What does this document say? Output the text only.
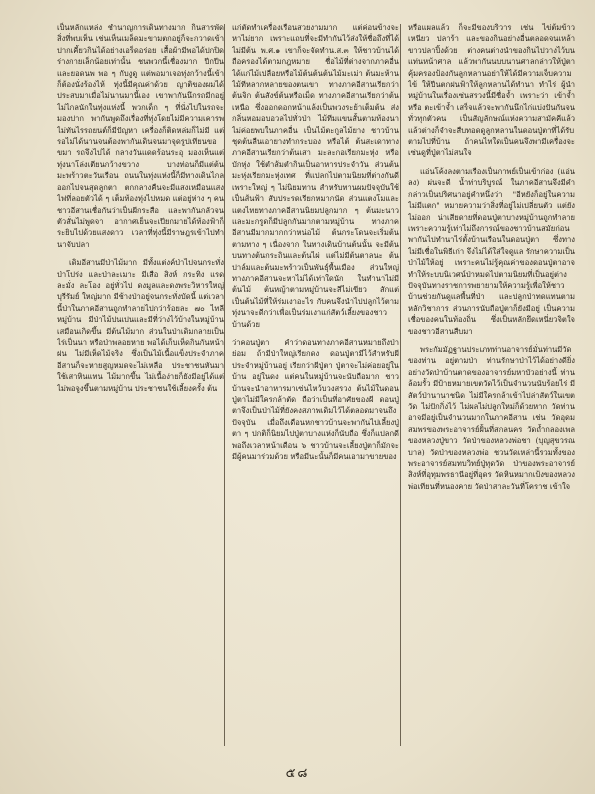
เป็นหลักแหล่ง ชำนาญการเดินทางมาก กินสารพัดสิ่งที่พบเห็น เช่นเห็นเมล็ดมะขามตกอยู่ก็จะกวาดเข้าปากเคี้ยวกินได้อย่างเอร็ดอร่อย เสื้อผ้ามีพอได้ปกปิดร่างกายเล็กน้อยเท่านั้น ชนพวกนี้เชื่องมาก ปีกปีน และยอดนพ พอ ๆ กับงูดู แต่พอมาเจอทุ่งกว้างนี้เข้า ก็ต้องนั่งร้องไห้ ทุ่งนี้มีคุณค่าด้วย ญาติของผมได้ประสบมาเมื่อไม่นานมานี้เอง เขาพากันนึกรถมีกอยู่ไม่ไกลนักในทุ่งแห่งนี้ พวกเด็ก ๆ ที่นั่งไปในรถจะมองปาก พากันพูดถึงเรื่องที่ทุ่งโดยไม่มีความเคารพ ไม่ทันไรรถยนต์ก็มีปัญหา เครื่องก็ติดหล่มก็ไม่มี แต่รอไม่ได้นานจนต้องพากันเดินจนมาจุดรูปเทียนขอขมา รถจึงไปได้ กลางวันแดดร้อนระอุ มองเห็นแต่ทุ่งนาโล่งเตียนกว้างขวาง บางท่อนก็มีแต่ต้นมะพร้าวตะวันเรือน ถนนในทุ่งแห่งนี้ก็มีทางเดินไกลออกไปจนสุดลูกตา ตกกลางคืนจะมีแสงเหมือนแสงไฟที่ลอยตัวได้ ๆ เต็มท้องทุ่งไปหมด แต่อยู่ห่าง ๆ คน ชาวอีสานเชื่อกันว่าเป็นผีกระสือ และพากันกลัวจนตัวสั่นไม่พูดจา อากาศเย็นจะเปียกมายได้ท้องฟ้าก็ระยิบไปด้วยแสงดาว เวลาที่ทุ่งนี้มีราษฎรเข้าไปทำนาจับปลา

เดิมอีสานมีป่าไม้มาก มีทั้งแต่งค์ป่าไปจนกระทั่งป่าโปร่ง และป่าละเมาะ มีเสือ สิงห์ กระทิง แรด ละมั่ง ละโอง อยู่ทั่วไป ดงมูลและดงพระวิหารใหญ่ บุรีรัมย์ ใหญ่มาก มีช้างป่าอยู่จนกระทั่งบัดนี้ แต่เวลานี้ป่าในภาคอีสานถูกทำลายไปกว่าร้อยละ ๗๐ ไทลีหมู่บ้าน มีป่าไม้ปนเปนและมีที่ว่างไว้บ้างในหมู่บ้านเสมือนเกิดขึ้น มีต้นไม้มาก ส่วนในป่าเดิมกลายเป็นไร่เป็นนา หรือป่าพลอยหาย พอได้เก็บเห็ดกินกันหน้าฝน ไม่มีเห็ดไม้จริง ซึ่งเป็นไม้เนื้อแข็งประจำภาคอีสานก็จะหายสูญหมดจะไม่เหลือ ประชาชนหันมาใช้เสาหินแทน ไม้มากขึ้น ไม่เนื้อง่ายก็ยังมีอยู่ได้แต่ไม่พอจูงขึ้นตามหมู่บ้าน ประชาชนใช้เลี้ยงครั้ง ต้น

แก่ตัดทำเครื่องเรือนสวยงามมาก แต่ค่อนข้างจะหาไม่ยาก เพราะแถบที่จะมีทำกันไว้ส่งให้ชื่อถึงที่ได้ไม่มีต้น พ.ศ.๑ เขาก็จะจัดทำน.ส.๓ ให้ชาวบ้านได้ถือครองได้ตามกฎหมาย ชื่อไม้ที่ต่างจากภาคอื่นได้แก่ไม้เปลือยหรือไม้ต้นต้นต้นไม้มะเม่า ต้นมะห้าน ไม้ทีหลากหลายของตนเขา ทางภาคอีสานเรียกว่าต้นจิก ต้นสังข์ต้นหรือเม็ด ทางภาคอีสานเรียกว่าต้นเหนือ ซึ่งออกดอกหน้าแล้งเป็นพวงระย้าเต็มต้น ส่งกลิ่นหอมอบอวลไปทั่วป่า ไม้ทีมแขนสั้นตามท้องนา ไม่ค่อยพบในภาคอื่น เป็นไม้ตะกูลไม้ยาง ชาวบ้านชุดต้นลืนเอายางทำกระบอง หรือไต้ ต้นสะเดาทางภาคอีสานเรียกว่าต้นเสา มะละกอเรียกมะหุ่ง หรือบักหุ่ง ใช้ตำส้มตำกินเป็นอาหารประจำวัน ส่วนต้นมะหุ่งเรียกมะหุ่งเทศ ที่แปลกไปตามนิยมที่ต่างกันดี เพราะใหญ่ ๆ ไม่นิยมทาน สำหรับทานผมปัจจุบันใช้เป็นส้นฟ้า สับประรดเรียกหมากนัด ส่วนแตงโมและแตงไทยทางภาคอีสานนิยมปลูกมาก ๆ ต้นมะนาวและมะกรูดก็มีปลูกกันมากตามหมู่บ้าน ทางภาคอีสานมีมากมากกว่าหน่อไม้ ต้นกระโดนจะเริ่มต้นตามทาง ๆ เนื่องจาก ในทางเดินบ้านต้นนั้น จะมีต้นบนทางต้นกระถินและต้นไผ่ แต่ไม่มีต้นตาลนะ ต้นปาล์มและต้นมะพร้าวเป็นพันธุ์พื้นเมือง ส่วนใหญ่ทางภาคอีสานจะหาไม่ได้เท่าใดนัก ในทำนาไม่มีต้นไม้ ต้นหญ้าตามหมู่บ้านจะสีไม่เขียว สักแต่เป็นต้นไม้ที่ให้ร่มเงาอะไร กับคนจึงนำไปปลูกไว้ตามทุ่งนาจะดีกว่าเพื่อเป็นร่มเงาแก่สัตว์เลี้ยงของชาวบ้านด้วย

ว่าคอนปู่ตา คำว่าดอนทางภาคอีสานหมายถึงป่าย่อม ถ้ามีป่าใหญ่เรียกดง ดอนปู่ตามีไว้สำหรับผีประจำหมู่บ้านอยู่ เรียกว่าผีปู่ตา ปู่ตาจะไม่ค่อยอยู่ในบ้าน อยู่ในดง แต่คนในหมู่บ้านจะนับถือมาก ชาวบ้านจะนำอาหารมาเซ่นไหว้บวงสรวง ต้นไม้ในดอนปู่ตาไม่มีใครกล้าตัด ถือว่าเป็นที่อาศัยของผี ดอนปู่ตาจึงเป็นป่าไม้ที่ยังคงสภาพเดิมไว้ได้ตลอดมาจนถึงปัจจุบัน เมื่อถึงเดือนหกชาวบ้านจะพากันไปเลี้ยงปู่ตา ๆ ปกติก็นิยมไปปู่ตาบางแห่งก็นับถือ ซึ่งก็แปลกดี พอถึงเวลาหน้าเดือน ๖ ชาวบ้านจะเลี้ยงปู่ตาก็มักจะมีผู้คนมาร่วมด้วย หรือมีนะนั้นก็มีคนเอามาขายของ

หรือแผลแล้ว ก็จะมีของบริวาร เช่น ไข่ต้มข้าวเหนียว ปลาร้า และของกินอย่างอื่นตลอดจนเหล้าขาวปลาปิ้งด้วย ต่างคนต่างนำของกินไปวางไว้บนแท่นหน้าศาล แล้วพากันนบบนานศาลกล่าวให้ปู่ตาคุ้มครองป้องกันลูกหลานอย่าให้ได้มีความเจ็บความไข้ ให้ปีนตกฝนฟ้าให้ลูกหลานได้ทำนา ทำไร่ ผู้นำหมู่บ้านในเรื่องเซ่นสรวงนี้มีชื่อจ้ำ เพราะว่า เข้าจ้ำหรือ ตะเข้าจ้ำ เสร็จแล้วจะพากันนึกไก่แบ่งปันกันจนทั่วทุกตัวคน เป็นสัญลักษณ์แห่งความสามัคคีแล้ว แล้วต่างก็จำจะสืบทอดดูลูกหลานในดอนปู่ตาที่ได้รับตามไปที่บ้าน ถ้าคนไทใดเป็นคนจึงพามีเครื่องจะเซ่นดูที่ปู่ตาไม่สนใจ

แอ่นโค้งลงตามเรืองเป็นกาพย์เป็นเข้าก่อง (แอ่นลง) ผ่นจะดี น้ำท่าบริบูรณ์ ในภาคอีสานจึงมีคำกล่าวเป็นปริศนาอยู่คำหนึ่งว่า "อีหยังก็อยู่ในความไม่มีแตก" หมายความว่าสิ่งที่อยู่ไม่เปลี่ยนตัว แต่ยังไม่ออก น่าเสียดายที่ดอนปู่ตาบางหมู่บ้านถูกทำลาย เพราะความรู้เท่าไม่ถึงการณ์ของชาวบ้านสมัยก่อน พากันไปทำนาไร่ตั้งบ้านเรือนในดอนปู่ตา ซึ่งทางไม่มีเชื่อในพิธีเก่า จึงไม่ได้ใส่ใจดูแล รักษาความเป็นป่าไม้ให้อยู่ เพราะคนไม่รู้คุณค่าของดอนปู่ตาอาจทำให้ระบบนิเวศน์ป่าหมดไปตามนิยมที่เป็นอยู่ต่าง ปัจจุบันทางราชการพยายามให้ความรู้เพื่อให้ชาวบ้านช่วยกันดูแลพื้นที่ป่า และปลูกป่าทดแทนตามหลักวิชาการ ส่วนการนับถือปู่ตาก็ยังมีอยู่ เป็นความเชื่อของคนในท้องถิ่น ซึ่งเป็นหลักยึดเหนี่ยวจิตใจของชาวอีสานสืบมา

พระกัมมัฏฐานประเภทท่านอาจารย์มั่นท่านมีวัดของท่าน อยู่ตามป่า ท่านรักษาป่าไว้ได้อย่างดียิ่ง อย่างวัดป่าบ้านตาดของอาจารย์มหาบัวอย่างนี้ ท่านล้อมรั้ว มีป้ายหมายเขตวัดไว้เป็นจำนวนนับร้อยไร่ มีสัตว์ป่านานาชนิด ไม่มีใครกล้าเข้าไปล่าสัตว์ในเขตวัด ไม่ปักกิ่งไว้ ไม่ผลไม่ปลูกใหม่ก็ด้วยหาก วัดท่านอาจมีอยู่เป็นจำนวนมากในภาคอีสาน เช่น วัดอุดมสมพรของพระอาจารย์ฝั้นที่สกลนคร วัดถ้ำกลองเพลของหลวงปู่ขาว วัดป่าของหลวงพ่อชา (บุญสุขวรณบาล) วัดป่าของหลวงพ่อ ชวนวัดเหล่านี้รวมทั้งของพระอาจารย์สมทบวิทย์ปู่ทุดวัด ป่าของพระอาจารย์สิงห์ที่อุทุมพรธานีอยู่ที่อุดร วัดหินหมากเป้งของหลวงพ่อเทียนที่หนองคาย วัดป่าสาละวันที่โคราช เข้าใจ

๕๘
